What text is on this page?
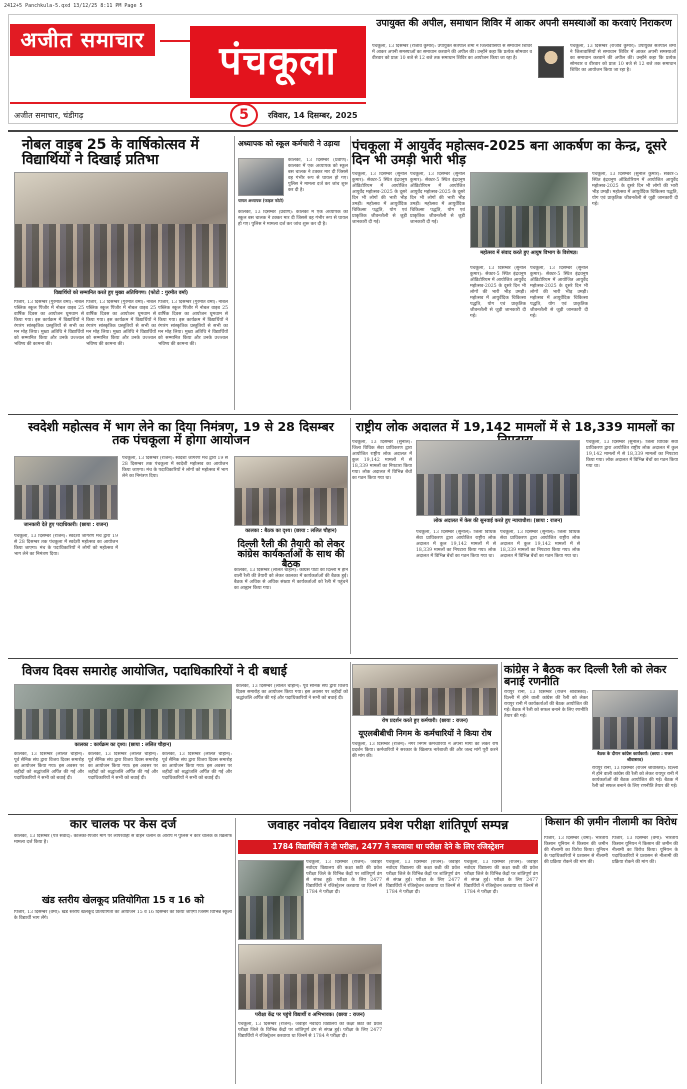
2412+5 Panchkula-5.qxd 13/12/25 8:11 PM Page 5
अजीत समाचार	पंचकूला
5
अजीत समाचार, चंडीगढ़	रविवार, 14 दिसम्बर, 2025
उपायुक्त की अपील, समाधान शिविर में आकर अपनी समस्याओं का करवाएं निराकरण
पंचकूला, 13 दिसम्बर (राजीव कुमार): उपायुक्त सतपाल शर्मा ने जिलावासियों से समाधान शिविर में आकर अपनी समस्याओं का समाधान करवाने की अपील की। उन्होंने कहा कि प्रत्येक सोमवार व वीरवार को प्रातः 10 बजे से 12 बजे तक समाधान शिविर का आयोजन किया जा रहा है।
पंचकूला, 13 दिसम्बर (राजीव कुमार): उपायुक्त सतपाल शर्मा ने जिलावासियों से समाधान शिविर में आकर अपनी समस्याओं का समाधान करवाने की अपील की। उन्होंने कहा कि प्रत्येक सोमवार व वीरवार को प्रातः 10 बजे से 12 बजे तक समाधान शिविर का आयोजन किया जा रहा है।
नोबल वाइब 25 के वार्षिकोत्सव में विद्यार्थियों ने दिखाई प्रतिभा
विद्यार्थियों को सम्मानित करते हुए मुख्य अतिथिगण। (फोटो : गुरमीत वर्मा)
पिंजौर, 13 दिसम्बर (गुरमीत वर्मा): नोबल पब्लिक स्कूल पिंजौर में नोबल वाइब 25 वार्षिक दिवस का आयोजन धूमधाम से किया गया। इस कार्यक्रम में विद्यार्थियों ने रंगारंग सांस्कृतिक प्रस्तुतियों से सभी का मन मोह लिया। मुख्य अतिथि ने विद्यार्थियों को सम्मानित किया और उनके उज्ज्वल भविष्य की कामना की।
पिंजौर, 13 दिसम्बर (गुरमीत वर्मा): नोबल पब्लिक स्कूल पिंजौर में नोबल वाइब 25 वार्षिक दिवस का आयोजन धूमधाम से किया गया। इस कार्यक्रम में विद्यार्थियों ने रंगारंग सांस्कृतिक प्रस्तुतियों से सभी का मन मोह लिया। मुख्य अतिथि ने विद्यार्थियों को सम्मानित किया और उनके उज्ज्वल भविष्य की कामना की।
पिंजौर, 13 दिसम्बर (गुरमीत वर्मा): नोबल पब्लिक स्कूल पिंजौर में नोबल वाइब 25 वार्षिक दिवस का आयोजन धूमधाम से किया गया। इस कार्यक्रम में विद्यार्थियों ने रंगारंग सांस्कृतिक प्रस्तुतियों से सभी का मन मोह लिया। मुख्य अतिथि ने विद्यार्थियों को सम्मानित किया और उनके उज्ज्वल भविष्य की कामना की।
अध्यापक को स्कूल कर्मचारी ने उड़ाया
घायल अध्यापक (फाइल फोटो)
कालका, 13 दिसम्बर (प्रवीण): कालका में एक अध्यापक को स्कूल बस चालक ने टक्कर मार दी जिससे वह गंभीर रूप से घायल हो गए। पुलिस ने मामला दर्ज कर जांच शुरू कर दी है।
कालका, 13 दिसम्बर (प्रवीण): कालका में एक अध्यापक को स्कूल बस चालक ने टक्कर मार दी जिससे वह गंभीर रूप से घायल हो गए। पुलिस ने मामला दर्ज कर जांच शुरू कर दी है।
पंचकूला में आयुर्वेद महोत्सव-2025 बना आकर्षण का केन्द्र, दूसरे दिन भी उमड़ी भारी भीड़
पंचकूला, 13 दिसम्बर (सुनील कुमार): सेक्टर-5 स्थित इंद्रधनुष ऑडिटोरियम में आयोजित आयुर्वेद महोत्सव-2025 के दूसरे दिन भी लोगों की भारी भीड़ उमड़ी। महोत्सव में आयुर्वेदिक चिकित्सा पद्धति, योग एवं प्राकृतिक जीवनशैली से जुड़ी जानकारी दी गई।
पंचकूला, 13 दिसम्बर (सुनील कुमार): सेक्टर-5 स्थित इंद्रधनुष ऑडिटोरियम में आयोजित आयुर्वेद महोत्सव-2025 के दूसरे दिन भी लोगों की भारी भीड़ उमड़ी। महोत्सव में आयुर्वेदिक चिकित्सा पद्धति, योग एवं प्राकृतिक जीवनशैली से जुड़ी जानकारी दी गई।
महोत्सव में संवाद करते हुए आयुष विभाग के विशेषज्ञ।
पंचकूला, 13 दिसम्बर (सुनील कुमार): सेक्टर-5 स्थित इंद्रधनुष ऑडिटोरियम में आयोजित आयुर्वेद महोत्सव-2025 के दूसरे दिन भी लोगों की भारी भीड़ उमड़ी। महोत्सव में आयुर्वेदिक चिकित्सा पद्धति, योग एवं प्राकृतिक जीवनशैली से जुड़ी जानकारी दी गई।
पंचकूला, 13 दिसम्बर (सुनील कुमार): सेक्टर-5 स्थित इंद्रधनुष ऑडिटोरियम में आयोजित आयुर्वेद महोत्सव-2025 के दूसरे दिन भी लोगों की भारी भीड़ उमड़ी। महोत्सव में आयुर्वेदिक चिकित्सा पद्धति, योग एवं प्राकृतिक जीवनशैली से जुड़ी जानकारी दी गई।
पंचकूला, 13 दिसम्बर (सुनील कुमार): सेक्टर-5 स्थित इंद्रधनुष ऑडिटोरियम में आयोजित आयुर्वेद महोत्सव-2025 के दूसरे दिन भी लोगों की भारी भीड़ उमड़ी। महोत्सव में आयुर्वेदिक चिकित्सा पद्धति, योग एवं प्राकृतिक जीवनशैली से जुड़ी जानकारी दी गई।
स्वदेशी महोत्सव में भाग लेने का दिया निमंत्रण, 19 से 28 दिसम्बर तक पंचकूला में होगा आयोजन
जानकारी देते हुए पदाधिकारी। (छाया : राजन)
पंचकूला, 13 दिसम्बर (राजन): स्वदेशी जागरण मंच द्वारा 19 से 28 दिसम्बर तक पंचकूला में स्वदेशी महोत्सव का आयोजन किया जाएगा। मंच के पदाधिकारियों ने लोगों को महोत्सव में भाग लेने का निमंत्रण दिया।
पंचकूला, 13 दिसम्बर (राजन): स्वदेशी जागरण मंच द्वारा 19 से 28 दिसम्बर तक पंचकूला में स्वदेशी महोत्सव का आयोजन किया जाएगा। मंच के पदाधिकारियों ने लोगों को महोत्सव में भाग लेने का निमंत्रण दिया।
कालका : बैठक का दृश्य। (छाया : ललित चौहान)
दिल्ली रैली की तैयारी को लेकर कांग्रेस कार्यकर्ताओं के साथ की बैठक
कालका, 13 दिसम्बर (ललित चौहान): कांग्रेस पार्टी की दिल्ली में होने वाली रैली की तैयारी को लेकर कालका में कार्यकर्ताओं की बैठक हुई। बैठक में अधिक से अधिक संख्या में कार्यकर्ताओं को रैली में पहुंचने का आह्वान किया गया।
राष्ट्रीय लोक अदालत में 19,142 मामलों में से 18,339 मामलों का
पंचकूला, 13 दिसम्बर (सुनील): जिला विधिक सेवा प्राधिकरण द्वारा आयोजित राष्ट्रीय लोक अदालत में कुल 19,142 मामलों में से 18,339 मामलों का निपटारा किया गया। लोक अदालत में विभिन्न बेंचों का गठन किया गया था।
लोक अदालत में केस की सुनवाई करते हुए न्यायाधीश। (छाया : राजन)
पंचकूला, 13 दिसम्बर (सुनील): जिला विधिक सेवा प्राधिकरण द्वारा आयोजित राष्ट्रीय लोक अदालत में कुल 19,142 मामलों में से 18,339 मामलों का निपटारा किया गया। लोक अदालत में विभिन्न बेंचों का गठन किया गया था।
पंचकूला, 13 दिसम्बर (सुनील): जिला विधिक सेवा प्राधिकरण द्वारा आयोजित राष्ट्रीय लोक अदालत में कुल 19,142 मामलों में से 18,339 मामलों का निपटारा किया गया। लोक अदालत में विभिन्न बेंचों का गठन किया गया था।
पंचकूला, 13 दिसम्बर (सुनील): जिला विधिक सेवा प्राधिकरण द्वारा आयोजित राष्ट्रीय लोक अदालत में कुल 19,142 मामलों में से 18,339 मामलों का निपटारा किया गया। लोक अदालत में विभिन्न बेंचों का गठन किया गया था।
विजय दिवस समारोह आयोजित, पदाधिकारियों ने दी बधाई
कालका : कार्यक्रम का दृश्य। (छाया : ललित चौहान)
कालका, 13 दिसम्बर (ललित चौहान): पूर्व सैनिक संघ द्वारा विजय दिवस समारोह का आयोजन किया गया। इस अवसर पर शहीदों को श्रद्धांजलि अर्पित की गई और पदाधिकारियों ने सभी को बधाई दी।
कालका, 13 दिसम्बर (ललित चौहान): पूर्व सैनिक संघ द्वारा विजय दिवस समारोह का आयोजन किया गया। इस अवसर पर शहीदों को श्रद्धांजलि अर्पित की गई और पदाधिकारियों ने सभी को बधाई दी।
कालका, 13 दिसम्बर (ललित चौहान): पूर्व सैनिक संघ द्वारा विजय दिवस समारोह का आयोजन किया गया। इस अवसर पर शहीदों को श्रद्धांजलि अर्पित की गई और पदाधिकारियों ने सभी को बधाई दी।
कालका, 13 दिसम्बर (ललित चौहान): पूर्व सैनिक संघ द्वारा विजय दिवस समारोह का आयोजन किया गया। इस अवसर पर शहीदों को श्रद्धांजलि अर्पित की गई और पदाधिकारियों ने सभी को बधाई दी।
रोष प्रदर्शन करते हुए कर्मचारी। (छाया : राजन)
यूएलबीबीची निगम के कर्मचारियों ने किया रोष
पंचकूला, 13 दिसम्बर (राजन): नगर निगम कर्मचारियों ने अपनी मांगों को लेकर रोष प्रदर्शन किया। कर्मचारियों ने सरकार के खिलाफ नारेबाजी की और जल्द मांगें पूरी करने की मांग की।
कांग्रेस ने बैठक कर दिल्ली रैली को लेकर बनाई रणनीति
रायपुर रानी, 13 दिसम्बर (राजन श्रीवास्तव): दिल्ली में होने वाली कांग्रेस की रैली को लेकर रायपुर रानी में कार्यकर्ताओं की बैठक आयोजित की गई। बैठक में रैली को सफल बनाने के लिए रणनीति तैयार की गई।
बैठक के दौरान कांग्रेस कार्यकर्ता। (छाया : राजन श्रीवास्तव)
रायपुर रानी, 13 दिसम्बर (राजन श्रीवास्तव): दिल्ली में होने वाली कांग्रेस की रैली को लेकर रायपुर रानी में कार्यकर्ताओं की बैठक आयोजित की गई। बैठक में रैली को सफल बनाने के लिए रणनीति तैयार की गई।
कार चालक पर केस दर्ज
कालका, 13 दिसम्बर (पत्र संवाद): कालका-पिंजौर मार्ग पर लापरवाही से वाहन चलाने के आरोप में पुलिस ने कार चालक के खिलाफ मामला दर्ज किया है।
खंड स्तरीय खेलकूद प्रतियोगिता 15 व 16 को
पिंजौर, 13 दिसम्बर (वर्मा): खंड स्तरीय खेलकूद प्रतियोगिता का आयोजन 15 व 16 दिसम्बर को किया जाएगा जिसमें विभिन्न स्कूलों के विद्यार्थी भाग लेंगे।
जवाहर नवोदय विद्यालय प्रवेश परीक्षा शांतिपूर्ण सम्पन्न
1784 विद्यार्थियों ने दी परीक्षा, 2477 ने करवाया था परीक्षा देने के लिए रजिस्ट्रेशन
पंचकूला, 13 दिसम्बर (राजन): जवाहर नवोदय विद्यालय की कक्षा छठी की प्रवेश परीक्षा जिले के विभिन्न केंद्रों पर शांतिपूर्ण ढंग से संपन्न हुई। परीक्षा के लिए 2477 विद्यार्थियों ने रजिस्ट्रेशन करवाया था जिनमें से 1784 ने परीक्षा दी।
परीक्षा केंद्र पर पहुंचे विद्यार्थी व अभिभावक। (छाया : राजन)
पंचकूला, 13 दिसम्बर (राजन): जवाहर नवोदय विद्यालय की कक्षा छठी की प्रवेश परीक्षा जिले के विभिन्न केंद्रों पर शांतिपूर्ण ढंग से संपन्न हुई। परीक्षा के लिए 2477 विद्यार्थियों ने रजिस्ट्रेशन करवाया था जिनमें से 1784 ने परीक्षा दी।
पंचकूला, 13 दिसम्बर (राजन): जवाहर नवोदय विद्यालय की कक्षा छठी की प्रवेश परीक्षा जिले के विभिन्न केंद्रों पर शांतिपूर्ण ढंग से संपन्न हुई। परीक्षा के लिए 2477 विद्यार्थियों ने रजिस्ट्रेशन करवाया था जिनमें से 1784 ने परीक्षा दी।
पंचकूला, 13 दिसम्बर (राजन): जवाहर नवोदय विद्यालय की कक्षा छठी की प्रवेश परीक्षा जिले के विभिन्न केंद्रों पर शांतिपूर्ण ढंग से संपन्न हुई। परीक्षा के लिए 2477 विद्यार्थियों ने रजिस्ट्रेशन करवाया था जिनमें से 1784 ने परीक्षा दी।
किसान की ज़मीन नीलामी का विरोध
पिंजौर, 13 दिसम्बर (वर्मा): भारतीय किसान यूनियन ने किसान की जमीन की नीलामी का विरोध किया। यूनियन के पदाधिकारियों ने प्रशासन से नीलामी की प्रक्रिया रोकने की मांग की।
पिंजौर, 13 दिसम्बर (वर्मा): भारतीय किसान यूनियन ने किसान की जमीन की नीलामी का विरोध किया। यूनियन के पदाधिकारियों ने प्रशासन से नीलामी की प्रक्रिया रोकने की मांग की।
